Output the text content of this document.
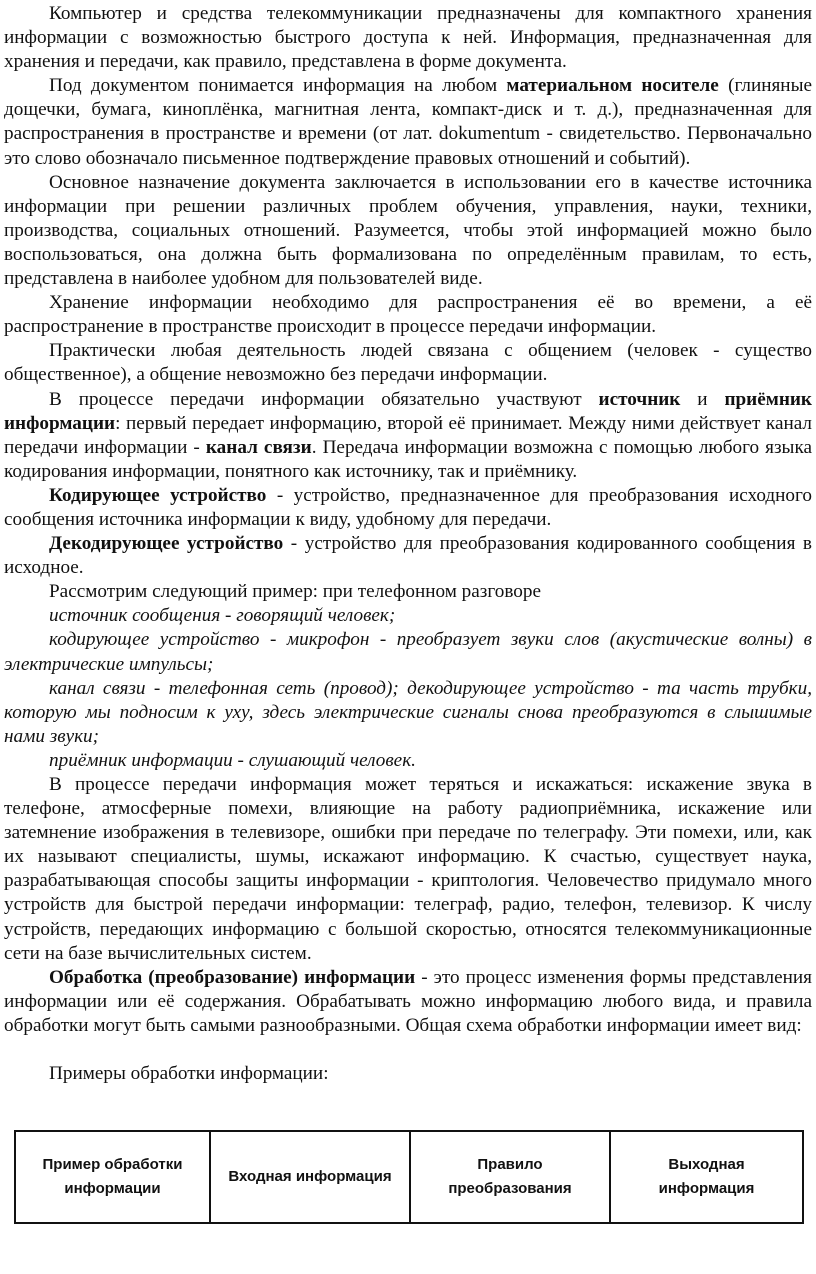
Компьютер и средства телекоммуникации предназначены для компактного хранения информации с возможностью быстрого доступа к ней. Информация, предназначенная для хранения и передачи, как правило, представлена в форме документа.

Под документом понимается информация на любом материальном носителе (глиняные дощечки, бумага, киноплёнка, магнитная лента, компакт-диск и т. д.), предназначенная для распространения в пространстве и времени (от лат. dokumentum - свидетельство. Первоначально это слово обозначало письменное подтверждение правовых отношений и событий).

Основное назначение документа заключается в использовании его в качестве источника информации при решении различных проблем обучения, управления, науки, техники, производства, социальных отношений. Разумеется, чтобы этой информацией можно было воспользоваться, она должна быть формализована по определённым правилам, то есть, представлена в наиболее удобном для пользователей виде.

Хранение информации необходимо для распространения её во времени, а её распространение в пространстве происходит в процессе передачи информации.

Практически любая деятельность людей связана с общением (человек - существо общественное), а общение невозможно без передачи информации.

В процессе передачи информации обязательно участвуют источник и приёмник информации: первый передает информацию, второй её принимает. Между ними действует канал передачи информации - канал связи. Передача информации возможна с помощью любого языка кодирования информации, понятного как источнику, так и приёмнику.

Кодирующее устройство - устройство, предназначенное для преобразования исходного сообщения источника информации к виду, удобному для передачи.

Декодирующее устройство - устройство для преобразования кодированного сообщения в исходное.

Рассмотрим следующий пример: при телефонном разговоре

источник сообщения - говорящий человек;

кодирующее устройство - микрофон - преобразует звуки слов (акустические волны) в электрические импульсы;

канал связи - телефонная сеть (провод); декодирующее устройство - та часть трубки, которую мы подносим к уху, здесь электрические сигналы снова преобразуются в слышимые нами звуки;

приёмник информации - слушающий человек.

В процессе передачи информация может теряться и искажаться: искажение звука в телефоне, атмосферные помехи, влияющие на работу радиоприёмника, искажение или затемнение изображения в телевизоре, ошибки при передаче по телеграфу. Эти помехи, или, как их называют специалисты, шумы, искажают информацию. К счастью, существует наука, разрабатывающая способы защиты информации - криптология. Человечество придумало много устройств для быстрой передачи информации: телеграф, радио, телефон, телевизор. К числу устройств, передающих информацию с большой скоростью, относятся телекоммуникационные сети на базе вычислительных систем.

Обработка (преобразование) информации - это процесс изменения формы представления информации или её содержания. Обрабатывать можно информацию любого вида, и правила обработки могут быть самыми разнообразными. Общая схема обработки информации имеет вид:

Примеры обработки информации:

Пример обработки информации	Входная информация	Правило преобразования	Выходная информация
